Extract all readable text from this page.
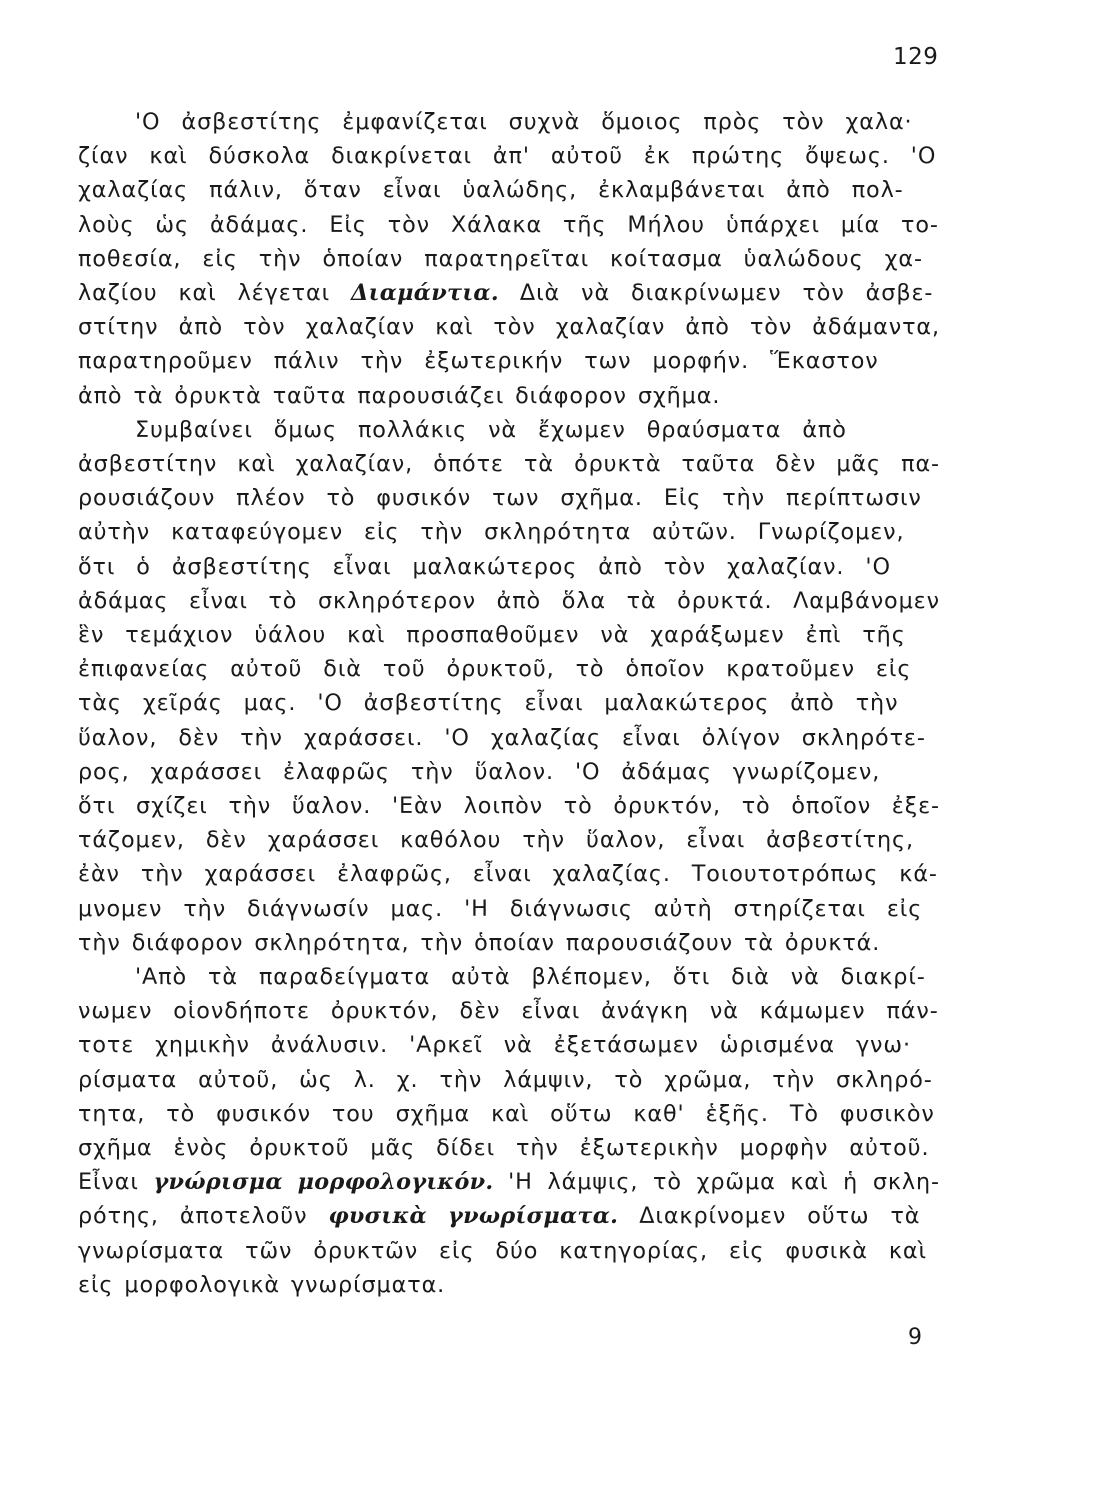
129
'Ο ἀσβεστίτης ἐμφανίζεται συχνὰ ὅμοιος πρὸς τὸν χαλα·
ζίαν καὶ δύσκολα διακρίνεται ἀπ' αὐτοῦ ἐκ πρώτης ὄψεως. 'Ο
χαλαζίας πάλιν, ὅταν εἶναι ὑαλώδης, ἐκλαμβάνεται ἀπὸ πολ-
λοὺς ὡς ἀδάμας. Εἰς τὸν Χάλακα τῆς Μήλου ὑπάρχει μία το-
ποθεσία, εἰς τὴν ὁποίαν παρατηρεῖται κοίτασμα ὑαλώδους χα-
λαζίου καὶ λέγεται Διαμάντια. Διὰ νὰ διακρίνωμεν τὸν ἀσβε-
στίτην ἀπὸ τὸν χαλαζίαν καὶ τὸν χαλαζίαν ἀπὸ τὸν ἀδάμαντα,
παρατηροῦμεν πάλιν τὴν ἐξωτερικήν των μορφήν. Ἕκαστον
ἀπὸ τὰ ὀρυκτὰ ταῦτα παρουσιάζει διάφορον σχῆμα.
Συμβαίνει ὅμως πολλάκις νὰ ἔχωμεν θραύσματα ἀπὸ
ἀσβεστίτην καὶ χαλαζίαν, ὁπότε τὰ ὀρυκτὰ ταῦτα δὲν μᾶς πα-
ρουσιάζουν πλέον τὸ φυσικόν των σχῆμα. Εἰς τὴν περίπτωσιν
αὐτὴν καταφεύγομεν εἰς τὴν σκληρότητα αὐτῶν. Γνωρίζομεν,
ὅτι ὁ ἀσβεστίτης εἶναι μαλακώτερος ἀπὸ τὸν χαλαζίαν. 'Ο
ἀδάμας εἶναι τὸ σκληρότερον ἀπὸ ὅλα τὰ ὀρυκτά. Λαμβάνομεν
ἓν τεμάχιον ὑάλου καὶ προσπαθοῦμεν νὰ χαράξωμεν ἐπὶ τῆς
ἐπιφανείας αὐτοῦ διὰ τοῦ ὀρυκτοῦ, τὸ ὁποῖον κρατοῦμεν εἰς
τὰς χεῖράς μας. 'Ο ἀσβεστίτης εἶναι μαλακώτερος ἀπὸ τὴν
ὕαλον, δὲν τὴν χαράσσει. 'Ο χαλαζίας εἶναι ὀλίγον σκληρότε-
ρος, χαράσσει ἐλαφρῶς τὴν ὕαλον. 'Ο ἀδάμας γνωρίζομεν,
ὅτι σχίζει τὴν ὕαλον. 'Εὰν λοιπὸν τὸ ὀρυκτόν, τὸ ὁποῖον ἐξε-
τάζομεν, δὲν χαράσσει καθόλου τὴν ὕαλον, εἶναι ἀσβεστίτης,
ἐὰν τὴν χαράσσει ἐλαφρῶς, εἶναι χαλαζίας. Τοιουτοτρόπως κά-
μνομεν τὴν διάγνωσίν μας. 'Η διάγνωσις αὐτὴ στηρίζεται εἰς
τὴν διάφορον σκληρότητα, τὴν ὁποίαν παρουσιάζουν τὰ ὀρυκτά.
'Απὸ τὰ παραδείγματα αὐτὰ βλέπομεν, ὅτι διὰ νὰ διακρί-
νωμεν οἱονδήποτε ὀρυκτόν, δὲν εἶναι ἀνάγκη νὰ κάμωμεν πάν-
τοτε χημικὴν ἀνάλυσιν. 'Αρκεῖ νὰ ἐξετάσωμεν ὡρισμένα γνω·
ρίσματα αὐτοῦ, ὡς λ. χ. τὴν λάμψιν, τὸ χρῶμα, τὴν σκληρό-
τητα, τὸ φυσικόν του σχῆμα καὶ οὕτω καθ' ἑξῆς. Τὸ φυσικὸν
σχῆμα ἑνὸς ὀρυκτοῦ μᾶς δίδει τὴν ἐξωτερικὴν μορφὴν αὐτοῦ.
Εἶναι γνώρισμα μορφολογικόν. 'Η λάμψις, τὸ χρῶμα καὶ ἡ σκλη-
ρότης, ἀποτελοῦν φυσικὰ γνωρίσματα. Διακρίνομεν οὕτω τὰ
γνωρίσματα τῶν ὀρυκτῶν εἰς δύο κατηγορίας, εἰς φυσικὰ καὶ
εἰς μορφολογικὰ γνωρίσματα.
9
